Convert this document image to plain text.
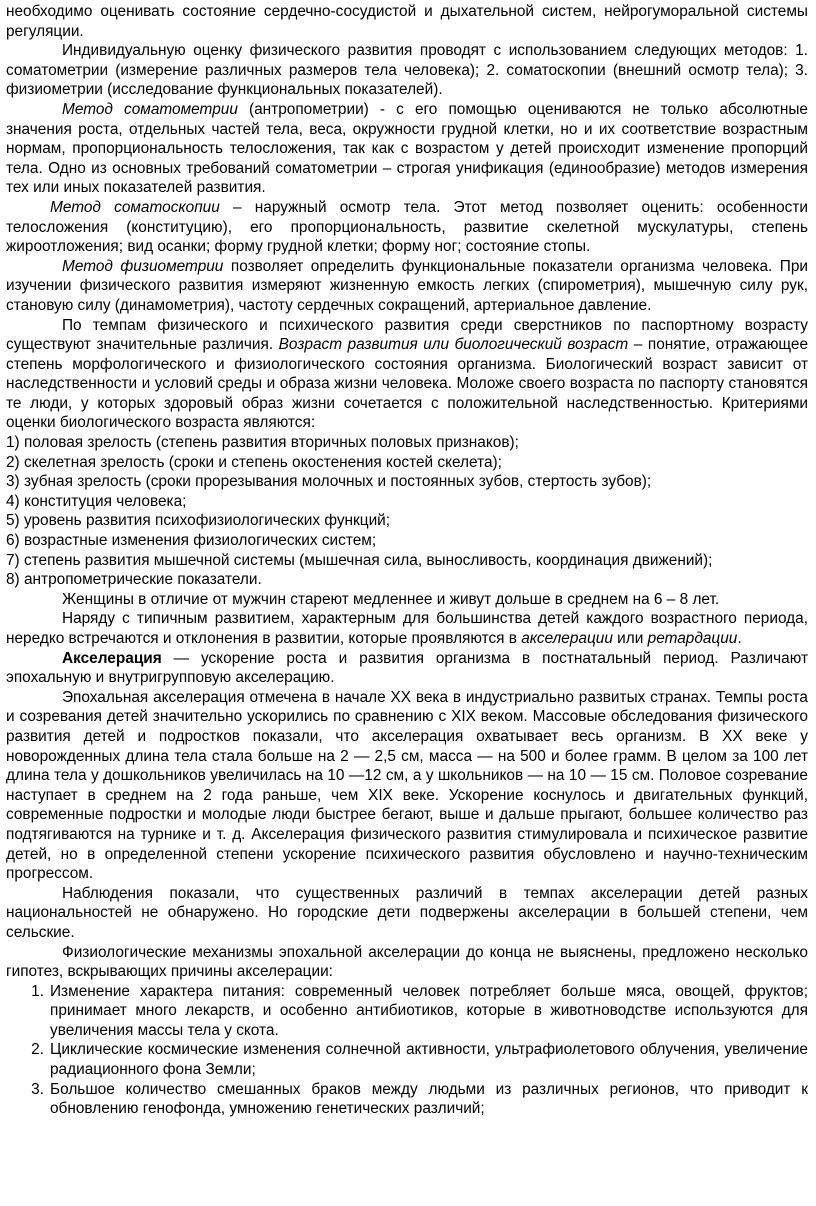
необходимо оценивать состояние сердечно-сосудистой и дыхательной систем, нейрогуморальной системы регуляции.

Индивидуальную оценку физического развития проводят с использованием следующих методов: 1. соматометрии (измерение различных размеров тела человека); 2. соматоскопии (внешний осмотр тела); 3. физиометрии (исследование функциональных показателей).

Метод соматометрии (антропометрии) - с его помощью оцениваются не только абсолютные значения роста, отдельных частей тела, веса, окружности грудной клетки, но и их соответствие возрастным нормам, пропорциональность телосложения, так как с возрастом у детей происходит изменение пропорций тела. Одно из основных требований соматометрии – строгая унификация (единообразие) методов измерения тех или иных показателей развития.

Метод соматоскопии – наружный осмотр тела. Этот метод позволяет оценить: особенности телосложения (конституцию), его пропорциональность, развитие скелетной мускулатуры, степень жироотложения; вид осанки; форму грудной клетки; форму ног; состояние стопы.

Метод физиометрии позволяет определить функциональные показатели организма человека. При изучении физического развития измеряют жизненную емкость легких (спирометрия), мышечную силу рук, становую силу (динамометрия), частоту сердечных сокращений, артериальное давление.

По темпам физического и психического развития среди сверстников по паспортному возрасту существуют значительные различия. Возраст развития или биологический возраст – понятие, отражающее степень морфологического и физиологического состояния организма. Биологический возраст зависит от наследственности и условий среды и образа жизни человека. Моложе своего возраста по паспорту становятся те люди, у которых здоровый образ жизни сочетается с положительной наследственностью. Критериями оценки биологического возраста являются:

1) половая зрелость (степень развития вторичных половых признаков);

2) скелетная зрелость (сроки и степень окостенения костей скелета);

3) зубная зрелость (сроки прорезывания молочных и постоянных зубов, стертость зубов);

4) конституция человека;

5) уровень развития психофизиологических функций;

6) возрастные изменения физиологических систем;

7) степень развития мышечной системы (мышечная сила, выносливость, координация движений);

8) антропометрические показатели.

Женщины в отличие от мужчин стареют медленнее и живут дольше в среднем на 6 – 8 лет.

Наряду с типичным развитием, характерным для большинства детей каждого возрастного периода, нередко встречаются и отклонения в развитии, которые проявляются в акселерации или ретардации.

Акселерация — ускорение роста и развития организма в постнатальный период. Различают эпохальную и внутригрупповую акселерацию.

Эпохальная акселерация отмечена в начале XX века в индустриально развитых странах. Темпы роста и созревания детей значительно ускорились по сравнению с XIX веком. Массовые обследования физического развития детей и подростков показали, что акселерация охватывает весь организм. В XX веке у новорожденных длина тела стала больше на 2 — 2,5 см, масса — на 500 и более грамм. В целом за 100 лет длина тела у дошкольников увеличилась на 10 —12 см, а у школьников — на 10 — 15 см. Половое созревание наступает в среднем на 2 года раньше, чем XIX веке. Ускорение коснулось и двигательных функций, современные подростки и молодые люди быстрее бегают, выше и дальше прыгают, большее количество раз подтягиваются на турнике и т. д. Акселерация физического развития стимулировала и психическое развитие детей, но в определенной степени ускорение психического развития обусловлено и научно-техническим прогрессом.

Наблюдения показали, что существенных различий в темпах акселерации детей разных национальностей не обнаружено. Но городские дети подвержены акселерации в большей степени, чем сельские.

Физиологические механизмы эпохальной акселерации до конца не выяснены, предложено несколько гипотез, вскрывающих причины акселерации:

1. Изменение характера питания: современный человек потребляет больше мяса, овощей, фруктов; принимает много лекарств, и особенно антибиотиков, которые в животноводстве используются для увеличения массы тела у скота.
2. Циклические космические изменения солнечной активности, ультрафиолетового облучения, увеличение радиационного фона Земли;
3. Большое количество смешанных браков между людьми из различных регионов, что приводит к обновлению генофонда, умножению генетических различий;
